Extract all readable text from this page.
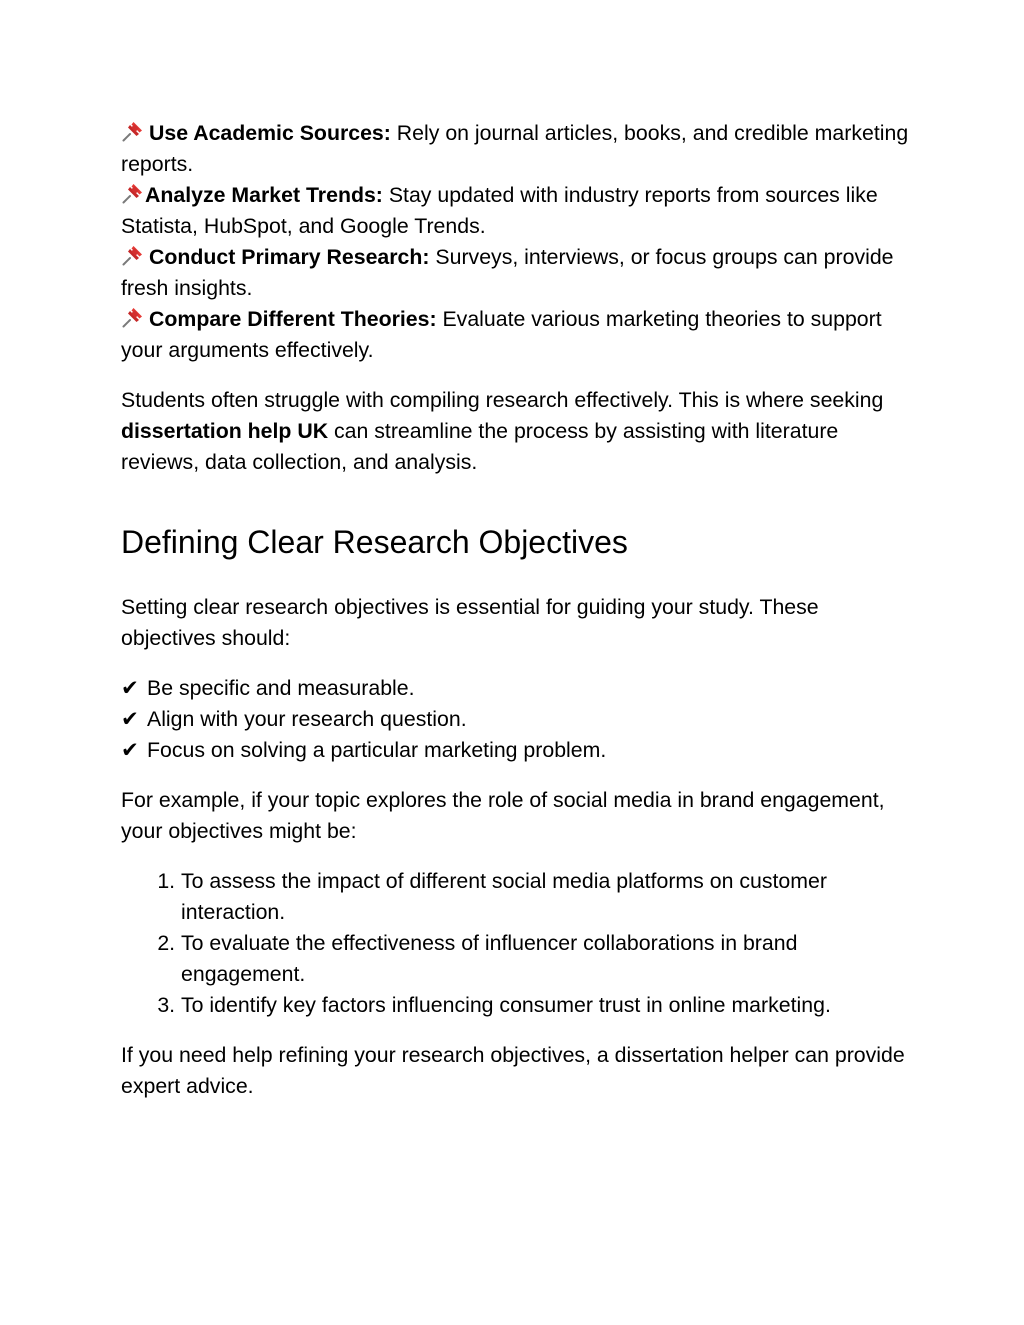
Use Academic Sources: Rely on journal articles, books, and credible marketing reports.

Analyze Market Trends: Stay updated with industry reports from sources like Statista, HubSpot, and Google Trends.

Conduct Primary Research: Surveys, interviews, or focus groups can provide fresh insights.

Compare Different Theories: Evaluate various marketing theories to support your arguments effectively.

Students often struggle with compiling research effectively. This is where seeking dissertation help UK can streamline the process by assisting with literature reviews, data collection, and analysis.

Defining Clear Research Objectives

Setting clear research objectives is essential for guiding your study. These objectives should:

✔ Be specific and measurable.

✔ Align with your research question.

✔ Focus on solving a particular marketing problem.

For example, if your topic explores the role of social media in brand engagement, your objectives might be:

1. To assess the impact of different social media platforms on customer interaction.
2. To evaluate the effectiveness of influencer collaborations in brand engagement.
3. To identify key factors influencing consumer trust in online marketing.

If you need help refining your research objectives, a dissertation helper can provide expert advice.
